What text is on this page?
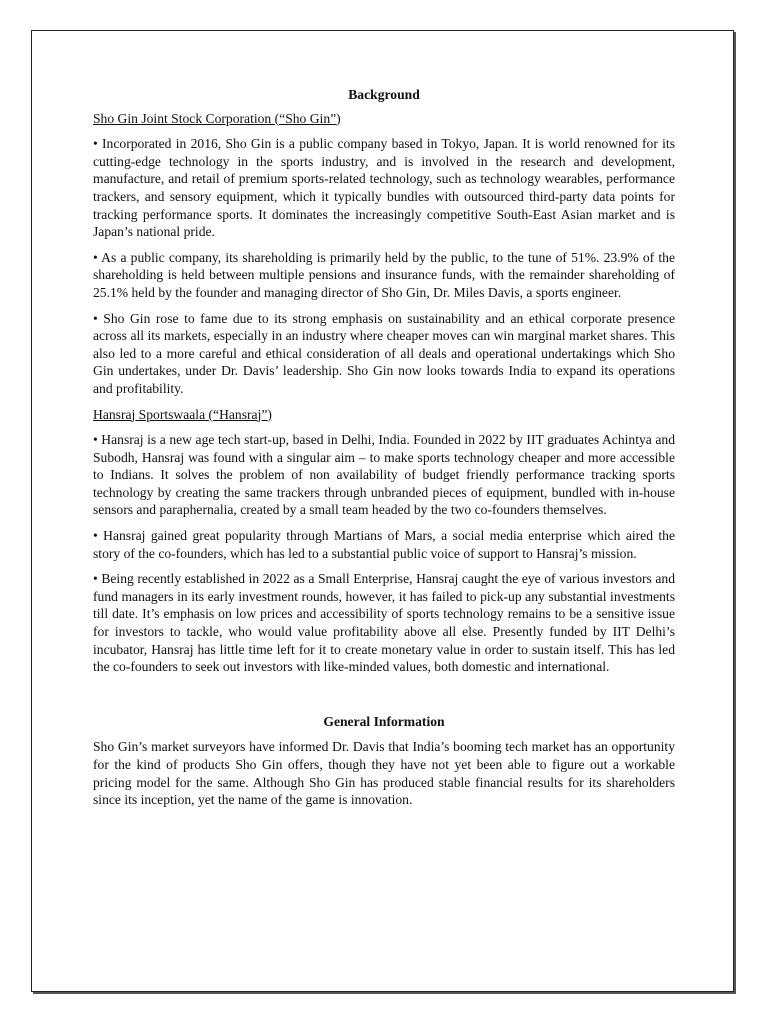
Background
Sho Gin Joint Stock Corporation (“Sho Gin”)

• Incorporated in 2016, Sho Gin is a public company based in Tokyo, Japan. It is world renowned for its cutting-edge technology in the sports industry, and is involved in the research and development, manufacture, and retail of premium sports-related technology, such as technology wearables, performance trackers, and sensory equipment, which it typically bundles with outsourced third-party data points for tracking performance sports. It dominates the increasingly competitive South-East Asian market and is Japan’s national pride.

• As a public company, its shareholding is primarily held by the public, to the tune of 51%. 23.9% of the shareholding is held between multiple pensions and insurance funds, with the remainder shareholding of 25.1% held by the founder and managing director of Sho Gin, Dr. Miles Davis, a sports engineer.

• Sho Gin rose to fame due to its strong emphasis on sustainability and an ethical corporate presence across all its markets, especially in an industry where cheaper moves can win marginal market shares. This also led to a more careful and ethical consideration of all deals and operational undertakings which Sho Gin undertakes, under Dr. Davis’ leadership. Sho Gin now looks towards India to expand its operations and profitability.

Hansraj Sportswaala (“Hansraj”)

• Hansraj is a new age tech start-up, based in Delhi, India. Founded in 2022 by IIT graduates Achintya and Subodh, Hansraj was found with a singular aim – to make sports technology cheaper and more accessible to Indians. It solves the problem of non availability of budget friendly performance tracking sports technology by creating the same trackers through unbranded pieces of equipment, bundled with in-house sensors and paraphernalia, created by a small team headed by the two co-founders themselves.

• Hansraj gained great popularity through Martians of Mars, a social media enterprise which aired the story of the co-founders, which has led to a substantial public voice of support to Hansraj’s mission.

• Being recently established in 2022 as a Small Enterprise, Hansraj caught the eye of various investors and fund managers in its early investment rounds, however, it has failed to pick-up any substantial investments till date. It’s emphasis on low prices and accessibility of sports technology remains to be a sensitive issue for investors to tackle, who would value profitability above all else. Presently funded by IIT Delhi’s incubator, Hansraj has little time left for it to create monetary value in order to sustain itself. This has led the co-founders to seek out investors with like-minded values, both domestic and international.

General Information

Sho Gin’s market surveyors have informed Dr. Davis that India’s booming tech market has an opportunity for the kind of products Sho Gin offers, though they have not yet been able to figure out a workable pricing model for the same. Although Sho Gin has produced stable financial results for its shareholders since its inception, yet the name of the game is innovation.
